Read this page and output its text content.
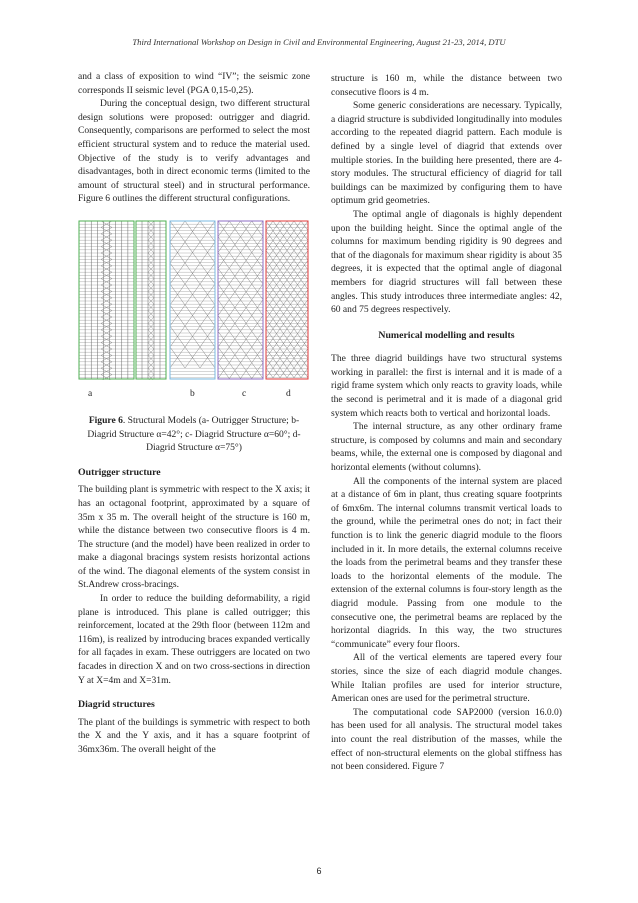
Third International Workshop on Design in Civil and Environmental Engineering, August 21-23, 2014, DTU

and a class of exposition to wind “IV”; the seismic zone corresponds II seismic level (PGA 0,15-0,25).

During the conceptual design, two different structural design solutions were proposed: outrigger and diagrid. Consequently, comparisons are performed to select the most efficient structural system and to reduce the material used. Objective of the study is to verify advantages and disadvantages, both in direct economic terms (limited to the amount of structural steel) and in structural performance. Figure 6 outlines the different structural configurations.

a	b	c	d

Figure 6. Structural Models (a- Outrigger Structure; b- Diagrid Structure α=42°; c- Diagrid Structure α=60°; d- Diagrid Structure α=75°)

Outrigger structure

The building plant is symmetric with respect to the X axis; it has an octagonal footprint, approximated by a square of 35m x 35 m. The overall height of the structure is 160 m, while the distance between two consecutive floors is 4 m. The structure (and the model) have been realized in order to make a diagonal bracings system resists horizontal actions of the wind. The diagonal elements of the system consist in St.Andrew cross-bracings.

In order to reduce the building deformability, a rigid plane is introduced. This plane is called outrigger; this reinforcement, located at the 29th floor (between 112m and 116m), is realized by introducing braces expanded vertically for all façades in exam. These outriggers are located on two facades in direction X and on two cross-sections in direction Y at X=4m and X=31m.

Diagrid structures

The plant of the buildings is symmetric with respect to both the X and the Y axis, and it has a square footprint of 36mx36m. The overall height of the

structure is 160 m, while the distance between two consecutive floors is 4 m.

Some generic considerations are necessary. Typically, a diagrid structure is subdivided longitudinally into modules according to the repeated diagrid pattern. Each module is defined by a single level of diagrid that extends over multiple stories. In the building here presented, there are 4-story modules. The structural efficiency of diagrid for tall buildings can be maximized by configuring them to have optimum grid geometries.

The optimal angle of diagonals is highly dependent upon the building height. Since the optimal angle of the columns for maximum bending rigidity is 90 degrees and that of the diagonals for maximum shear rigidity is about 35 degrees, it is expected that the optimal angle of diagonal members for diagrid structures will fall between these angles. This study introduces three intermediate angles: 42, 60 and 75 degrees respectively.

Numerical modelling and results

The three diagrid buildings have two structural systems working in parallel: the first is internal and it is made of a rigid frame system which only reacts to gravity loads, while the second is perimetral and it is made of a diagonal grid system which reacts both to vertical and horizontal loads.

The internal structure, as any other ordinary frame structure, is composed by columns and main and secondary beams, while, the external one is composed by diagonal and horizontal elements (without columns).

All the components of the internal system are placed at a distance of 6m in plant, thus creating square footprints of 6mx6m. The internal columns transmit vertical loads to the ground, while the perimetral ones do not; in fact their function is to link the generic diagrid module to the floors included in it. In more details, the external columns receive the loads from the perimetral beams and they transfer these loads to the horizontal elements of the module. The extension of the external columns is four-story length as the diagrid module. Passing from one module to the consecutive one, the perimetral beams are replaced by the horizontal diagrids. In this way, the two structures “communicate” every four floors.

All of the vertical elements are tapered every four stories, since the size of each diagrid module changes. While Italian profiles are used for interior structure, American ones are used for the perimetral structure.

The computational code SAP2000 (version 16.0.0) has been used for all analysis. The structural model takes into count the real distribution of the masses, while the effect of non-structural elements on the global stiffness has not been considered. Figure 7

6
